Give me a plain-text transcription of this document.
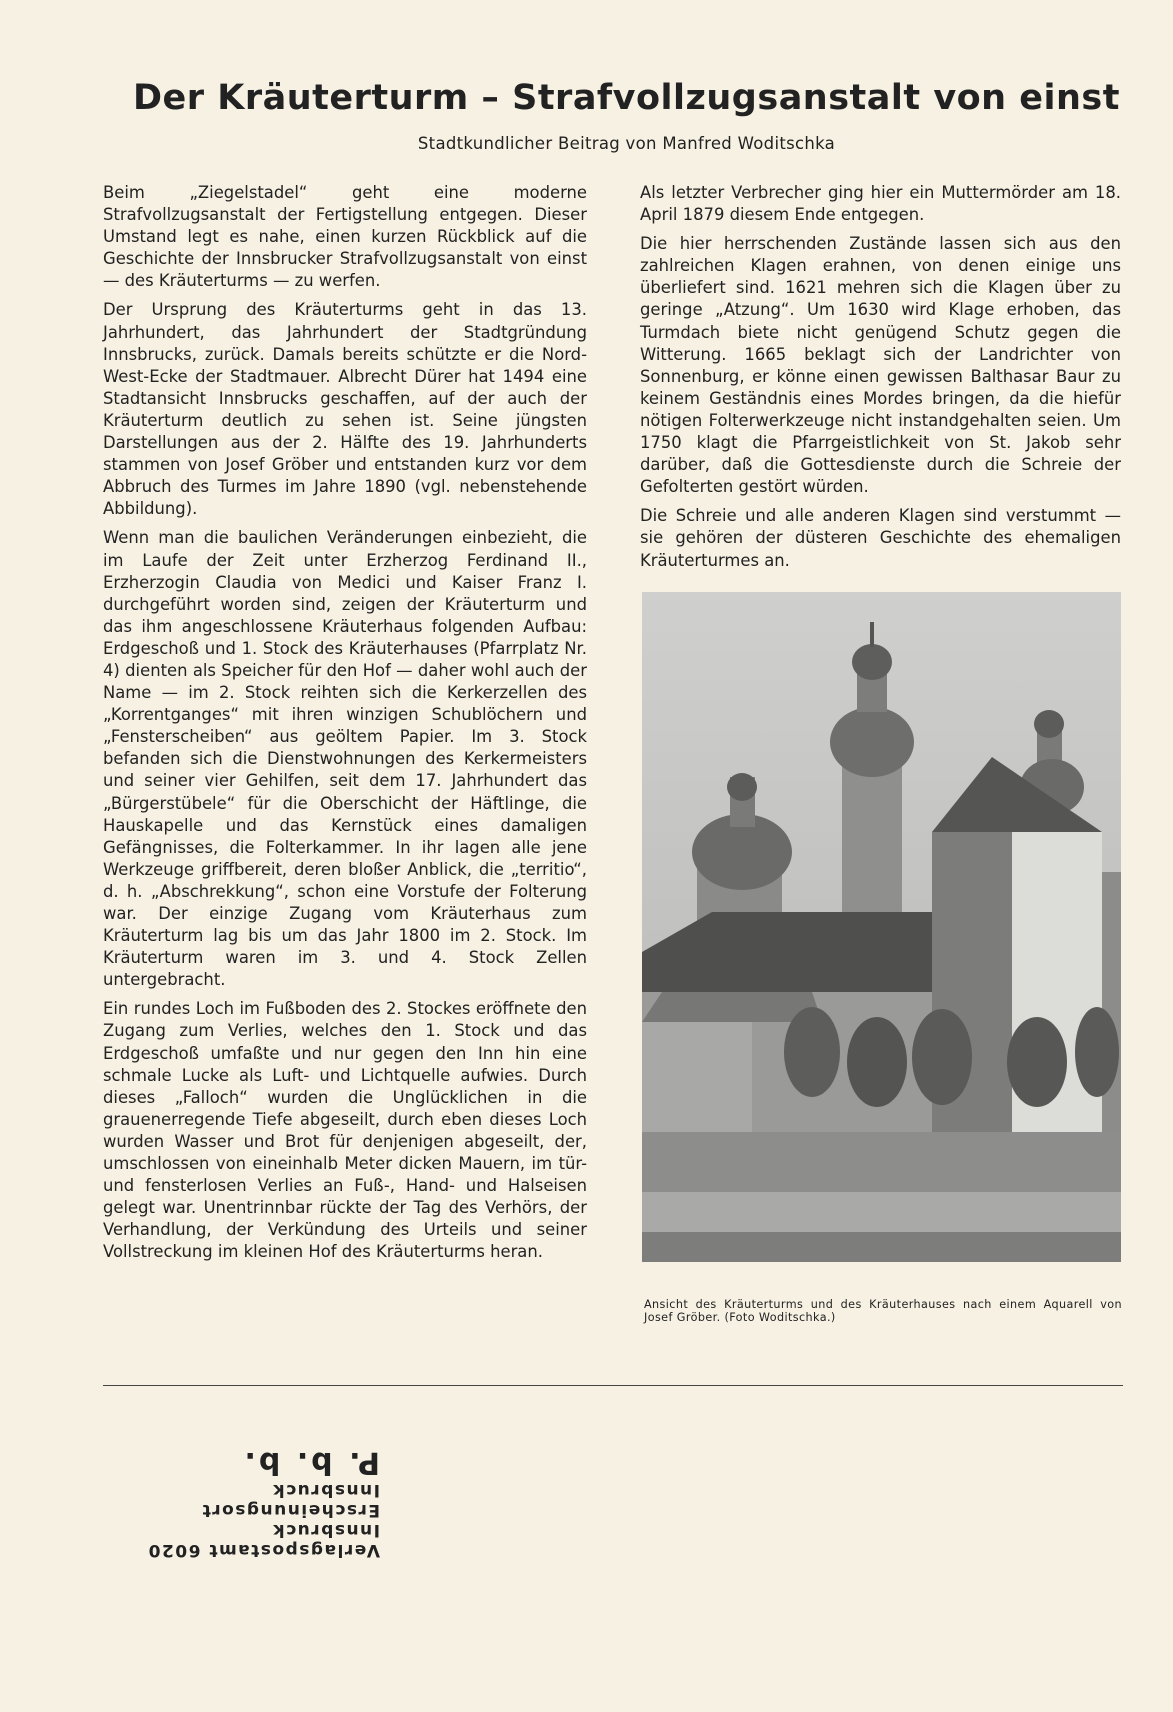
Der Kräuterturm – Strafvollzugsanstalt von einst
Stadtkundlicher Beitrag von Manfred Woditschka

Beim „Ziegelstadel“ geht eine moderne Strafvollzugsanstalt der Fertigstellung entgegen. Dieser Umstand legt es nahe, einen kurzen Rückblick auf die Geschichte der Innsbrucker Strafvollzugsanstalt von einst — des Kräuterturms — zu werfen.

Der Ursprung des Kräuterturms geht in das 13. Jahrhundert, das Jahrhundert der Stadtgründung Innsbrucks, zurück. Damals bereits schützte er die Nord-West-Ecke der Stadtmauer. Albrecht Dürer hat 1494 eine Stadtansicht Innsbrucks geschaffen, auf der auch der Kräuterturm deutlich zu sehen ist. Seine jüngsten Darstellungen aus der 2. Hälfte des 19. Jahrhunderts stammen von Josef Gröber und entstanden kurz vor dem Abbruch des Turmes im Jahre 1890 (vgl. nebenstehende Abbildung).

Wenn man die baulichen Veränderungen einbezieht, die im Laufe der Zeit unter Erzherzog Ferdinand II., Erzherzogin Claudia von Medici und Kaiser Franz I. durchgeführt worden sind, zeigen der Kräuterturm und das ihm angeschlossene Kräuterhaus folgenden Aufbau: Erdgeschoß und 1. Stock des Kräuterhauses (Pfarrplatz Nr. 4) dienten als Speicher für den Hof — daher wohl auch der Name — im 2. Stock reihten sich die Kerkerzellen des „Korrentganges“ mit ihren winzigen Schublöchern und „Fensterscheiben“ aus geöltem Papier. Im 3. Stock befanden sich die Dienstwohnungen des Kerkermeisters und seiner vier Gehilfen, seit dem 17. Jahrhundert das „Bürgerstübele“ für die Oberschicht der Häftlinge, die Hauskapelle und das Kernstück eines damaligen Gefängnisses, die Folterkammer. In ihr lagen alle jene Werkzeuge griffbereit, deren bloßer Anblick, die „territio“, d. h. „Abschrekkung“, schon eine Vorstufe der Folterung war. Der einzige Zugang vom Kräuterhaus zum Kräuterturm lag bis um das Jahr 1800 im 2. Stock. Im Kräuterturm waren im 3. und 4. Stock Zellen untergebracht.

Ein rundes Loch im Fußboden des 2. Stockes eröffnete den Zugang zum Verlies, welches den 1. Stock und das Erdgeschoß umfaßte und nur gegen den Inn hin eine schmale Lucke als Luft- und Lichtquelle aufwies. Durch dieses „Falloch“ wurden die Unglücklichen in die grauenerregende Tiefe abgeseilt, durch eben dieses Loch wurden Wasser und Brot für denjenigen abgeseilt, der, umschlossen von eineinhalb Meter dicken Mauern, im tür- und fensterlosen Verlies an Fuß-, Hand- und Halseisen gelegt war. Unentrinnbar rückte der Tag des Verhörs, der Verhandlung, der Verkündung des Urteils und seiner Vollstreckung im kleinen Hof des Kräuterturms heran.

Als letzter Verbrecher ging hier ein Muttermörder am 18. April 1879 diesem Ende entgegen.

Die hier herrschenden Zustände lassen sich aus den zahlreichen Klagen erahnen, von denen einige uns überliefert sind. 1621 mehren sich die Klagen über zu geringe „Atzung“. Um 1630 wird Klage erhoben, das Turmdach biete nicht genügend Schutz gegen die Witterung. 1665 beklagt sich der Landrichter von Sonnenburg, er könne einen gewissen Balthasar Baur zu keinem Geständnis eines Mordes bringen, da die hiefür nötigen Folterwerkzeuge nicht instandgehalten seien. Um 1750 klagt die Pfarrgeistlichkeit von St. Jakob sehr darüber, daß die Gottesdienste durch die Schreie der Gefolterten gestört würden.

Die Schreie und alle anderen Klagen sind verstummt — sie gehören der düsteren Geschichte des ehemaligen Kräuterturmes an.

Ansicht des Kräuterturms und des Kräuterhauses nach einem Aquarell von Josef Gröber. (Foto Woditschka.)
Verlagspostamt 6020 Innsbruck
Erscheinungsort Innsbruck
P. b. b.
